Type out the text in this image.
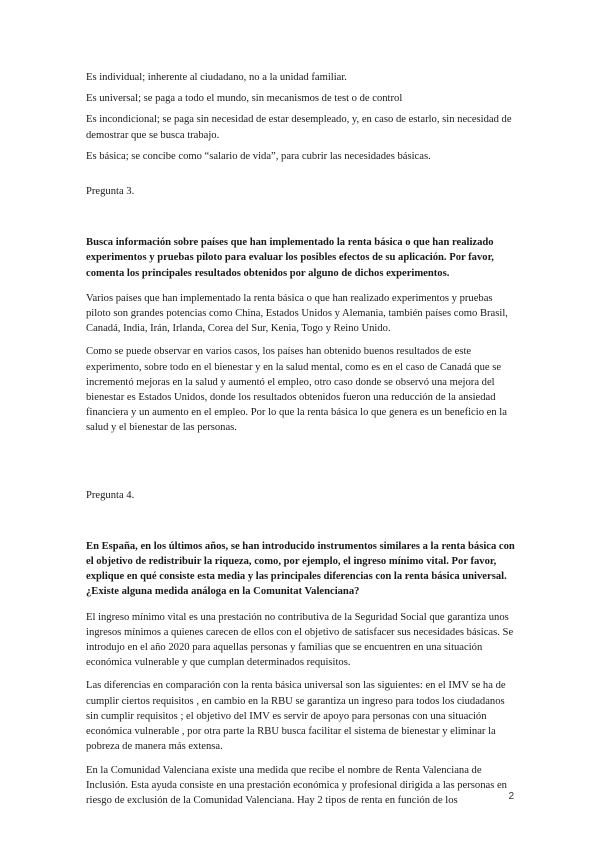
Es individual; inherente al ciudadano, no a la unidad familiar.

Es universal; se paga a todo el mundo, sin mecanismos de test o de control

Es incondicional; se paga sin necesidad de estar desempleado, y, en caso de estarlo, sin necesidad de demostrar que se busca trabajo.

Es básica; se concibe como “salario de vida”, para cubrir las necesidades básicas.

Pregunta 3.

Busca información sobre países que han implementado la renta básica o que han realizado experimentos y pruebas piloto para evaluar los posibles efectos de su aplicación. Por favor, comenta los principales resultados obtenidos por alguno de dichos experimentos.

Varios países que han implementado la renta básica o que han realizado experimentos y pruebas piloto son grandes potencias como China, Estados Unidos y Alemania, también países como Brasil, Canadá, India, Irán, Irlanda, Corea del Sur, Kenia, Togo y Reino Unido.

Como se puede observar en varios casos, los países han obtenido buenos resultados de este experimento, sobre todo en el bienestar y en la salud mental, como es en el caso de Canadá que se incrementó mejoras en la salud y aumentó el empleo, otro caso donde se observó una mejora del bienestar es Estados Unidos, donde los resultados obtenidos fueron una reducción de la ansiedad financiera y un aumento en el empleo. Por lo que la renta básica lo que genera es un beneficio en la salud y el bienestar de las personas.

Pregunta 4.

En España, en los últimos años, se han introducido instrumentos similares a la renta básica con el objetivo de redistribuir la riqueza, como, por ejemplo, el ingreso mínimo vital. Por favor, explique en qué consiste esta media y las principales diferencias con la renta básica universal. ¿Existe alguna medida análoga en la Comunitat Valenciana?

El ingreso mínimo vital es una prestación no contributiva de la Seguridad Social que garantiza unos ingresos mínimos a quienes carecen de ellos con el objetivo de satisfacer sus necesidades básicas. Se introdujo en el año 2020 para aquellas personas y familias que se encuentren en una situación económica vulnerable y que cumplan determinados requisitos.

Las diferencias en comparación con la renta básica universal son las siguientes: en el IMV se ha de cumplir ciertos requisitos , en cambio en la RBU se garantiza un ingreso para todos los ciudadanos sin cumplir requisitos ; el objetivo del IMV es servir de apoyo para personas con una situación económica vulnerable , por otra parte la RBU busca facilitar el sistema de bienestar y eliminar la pobreza de manera más extensa.

En la Comunidad Valenciana existe una medida que recibe el nombre de Renta Valenciana de Inclusión. Esta ayuda consiste en una prestación económica y profesional dirigida a las personas en riesgo de exclusión de la Comunidad Valenciana. Hay 2 tipos de renta en función de los	2
